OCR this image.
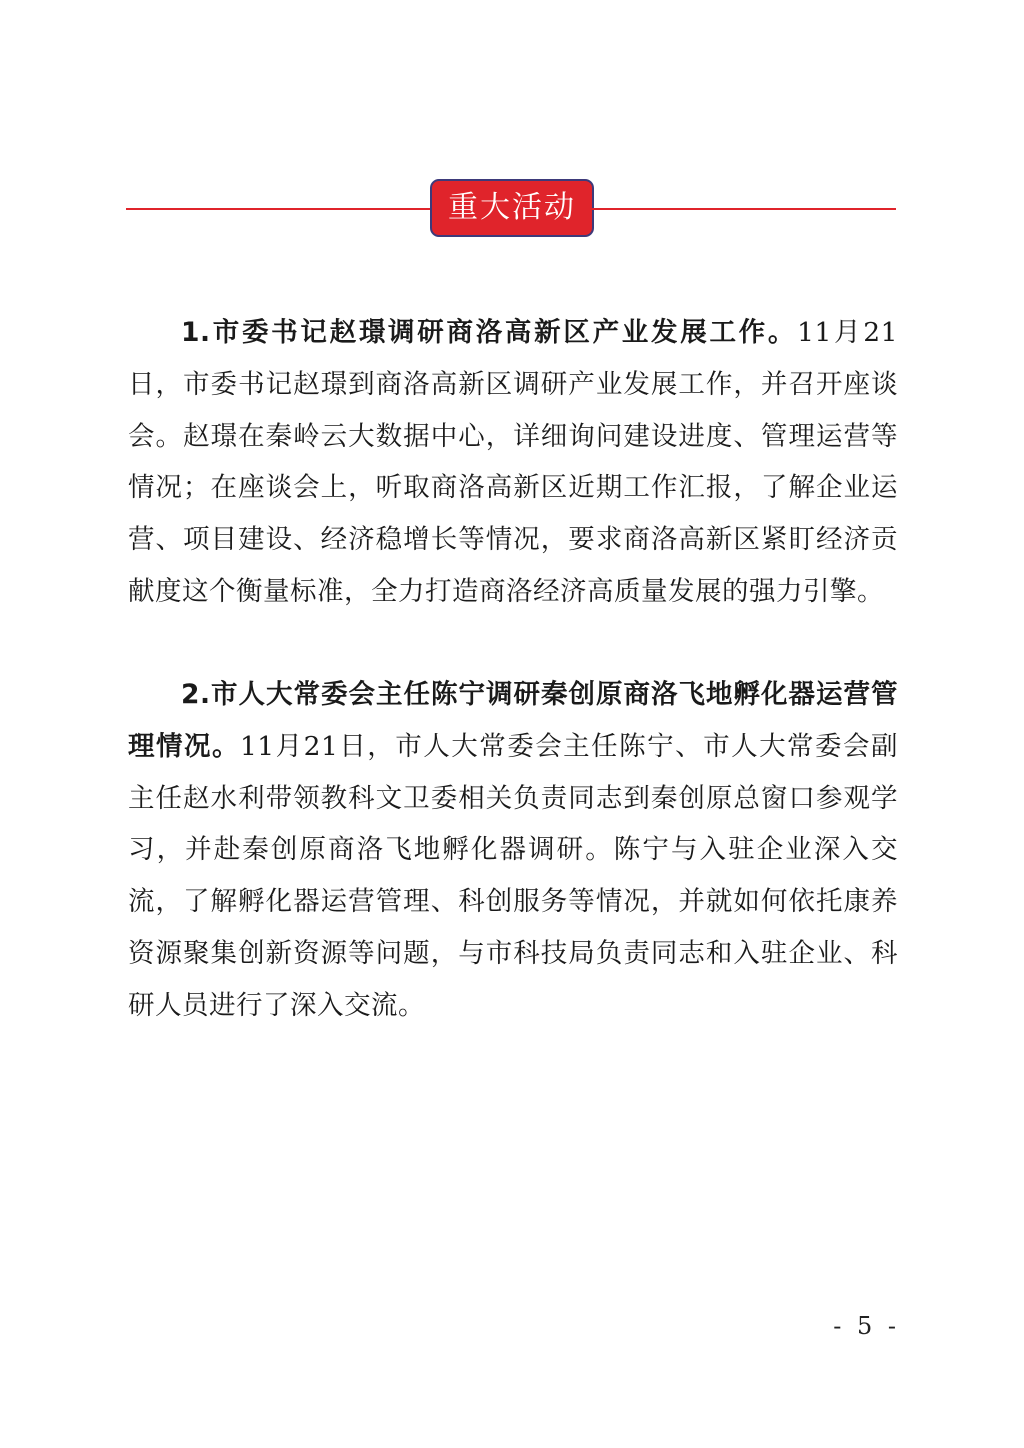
重大活动

1.市委书记赵璟调研商洛高新区产业发展工作。11月21日，市委书记赵璟到商洛高新区调研产业发展工作，并召开座谈会。赵璟在秦岭云大数据中心，详细询问建设进度、管理运营等情况；在座谈会上，听取商洛高新区近期工作汇报，了解企业运营、项目建设、经济稳增长等情况，要求商洛高新区紧盯经济贡献度这个衡量标准，全力打造商洛经济高质量发展的强力引擎。

2.市人大常委会主任陈宁调研秦创原商洛飞地孵化器运营管理情况。11月21日，市人大常委会主任陈宁、市人大常委会副主任赵水利带领教科文卫委相关负责同志到秦创原总窗口参观学习，并赴秦创原商洛飞地孵化器调研。陈宁与入驻企业深入交流，了解孵化器运营管理、科创服务等情况，并就如何依托康养资源聚集创新资源等问题，与市科技局负责同志和入驻企业、科研人员进行了深入交流。

- 5 -
